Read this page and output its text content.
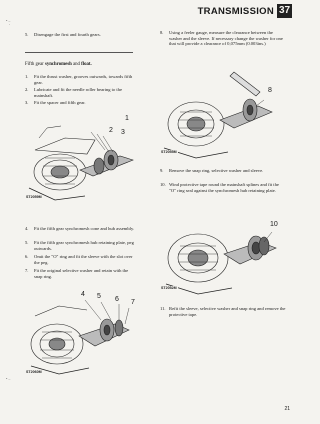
TRANSMISSION 37
• –
'
• –
5.	Disengage the first and fourth gears.
Fifth gear synchromesh and float.
1.	Fit the thrust washer, grooves outwards, towards fifth gear.
2.	Lubricate and fit the needle roller bearing to the mainshaft.
3.	Fit the spacer and fifth gear.
1
2 3
ST2059M
4.	Fit the fifth gear synchromesh cone and hub assembly.
5.	Fit the fifth gear synchromesh hub retaining plate, peg outwards.
6.	Omit the "O" ring and fit the sleeve with the slot over the peg.
7.	Fit the original selective washer and retain with the snap ring.
4 5 6 7
ST2060M
8.	Using a feeler gauge, measure the clearance between the washer and the sleeve. If necessary change the washer for one that will provide a clearance of 0,075mm (0.003ins.)
8
ST2055M
9.	Remove the snap ring, selective washer and sleeve.
10. Wind protective tape round the mainshaft splines and fit the "O" ring seal against the synchromesh hub retaining plate.
10
ST2052M
11. Refit the sleeve, selective washer and snap ring and remove the protective tape.
21
